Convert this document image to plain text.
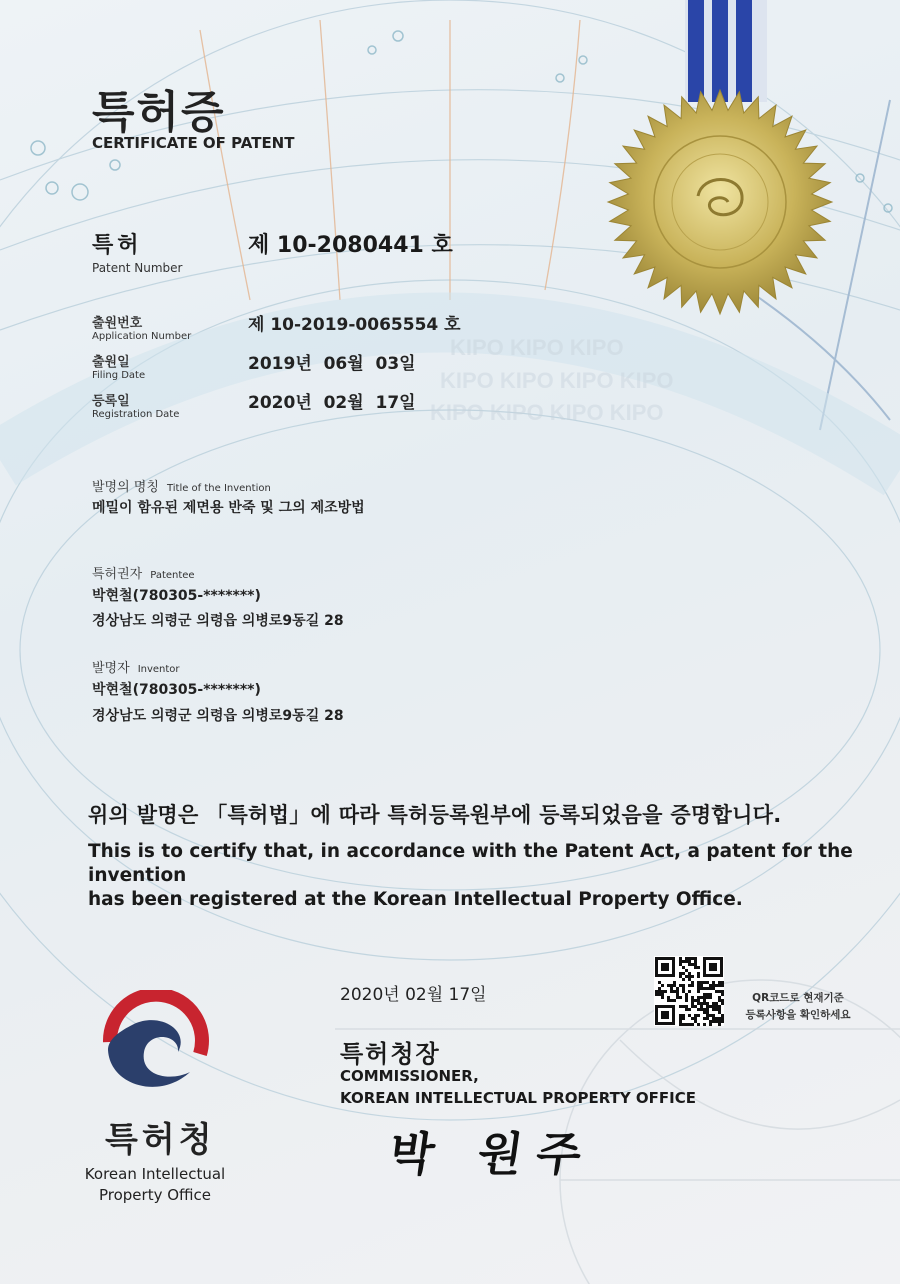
KIPO KIPO KIPO
KIPO KIPO KIPO KIPO
KIPO KIPO KIPO KIPO
특허증
CERTIFICATE OF PATENT
특허
Patent Number
제 10-2080441 호
출원번호
Application Number
제 10-2019-0065554 호
출원일
Filing Date
2019년  06월  03일
등록일
Registration Date
2020년  02월  17일
발명의 명칭 Title of the Invention
메밀이 함유된 제면용 반죽 및 그의 제조방법
특허권자 Patentee
박현철(780305-*******)
경상남도 의령군 의령읍 의병로9동길 28
발명자 Inventor
박현철(780305-*******)
경상남도 의령군 의령읍 의병로9동길 28
위의 발명은 「특허법」에 따라 특허등록원부에 등록되었음을 증명합니다.
This is to certify that, in accordance with the Patent Act, a patent for the invention
has been registered at the Korean Intellectual Property Office.
2020년 02월 17일
특허청장
COMMISSIONER,
KOREAN INTELLECTUAL PROPERTY OFFICE
박 원주
QR코드로 현재기준
등록사항을 확인하세요
특허청
Korean Intellectual
Property Office
